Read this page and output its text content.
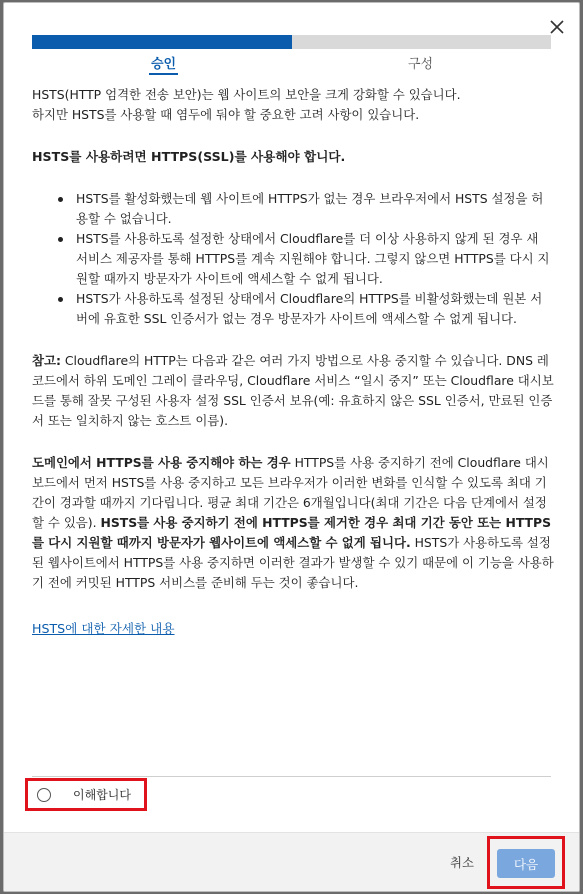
승인	구성
HSTS(HTTP 엄격한 전송 보안)는 웹 사이트의 보안을 크게 강화할 수 있습니다.
하지만 HSTS를 사용할 때 염두에 둬야 할 중요한 고려 사항이 있습니다.
HSTS를 사용하려면 HTTPS(SSL)를 사용해야 합니다.
HSTS를 활성화했는데 웹 사이트에 HTTPS가 없는 경우 브라우저에서 HSTS 설정을 허용할 수 없습니다.
HSTS를 사용하도록 설정한 상태에서 Cloudflare를 더 이상 사용하지 않게 된 경우 새 서비스 제공자를 통해 HTTPS를 계속 지원해야 합니다. 그렇지 않으면 HTTPS를 다시 지원할 때까지 방문자가 사이트에 액세스할 수 없게 됩니다.
HSTS가 사용하도록 설정된 상태에서 Cloudflare의 HTTPS를 비활성화했는데 원본 서버에 유효한 SSL 인증서가 없는 경우 방문자가 사이트에 액세스할 수 없게 됩니다.
참고: Cloudflare의 HTTP는 다음과 같은 여러 가지 방법으로 사용 중지할 수 있습니다. DNS 레코드에서 하위 도메인 그레이 클라우딩, Cloudflare 서비스 “일시 중지” 또는 Cloudflare 대시보드를 통해 잘못 구성된 사용자 설정 SSL 인증서 보유(예: 유효하지 않은 SSL 인증서, 만료된 인증서 또는 일치하지 않는 호스트 이름).
도메인에서 HTTPS를 사용 중지해야 하는 경우 HTTPS를 사용 중지하기 전에 Cloudflare 대시보드에서 먼저 HSTS를 사용 중지하고 모든 브라우저가 이러한 변화를 인식할 수 있도록 최대 기간이 경과할 때까지 기다립니다. 평균 최대 기간은 6개월입니다(최대 기간은 다음 단계에서 설정할 수 있음). HSTS를 사용 중지하기 전에 HTTPS를 제거한 경우 최대 기간 동안 또는 HTTPS를 다시 지원할 때까지 방문자가 웹사이트에 액세스할 수 없게 됩니다. HSTS가 사용하도록 설정된 웹사이트에서 HTTPS를 사용 중지하면 이러한 결과가 발생할 수 있기 때문에 이 기능을 사용하기 전에 커밋된 HTTPS 서비스를 준비해 두는 것이 좋습니다.
HSTS에 대한 자세한 내용
이해합니다
취소	다음
